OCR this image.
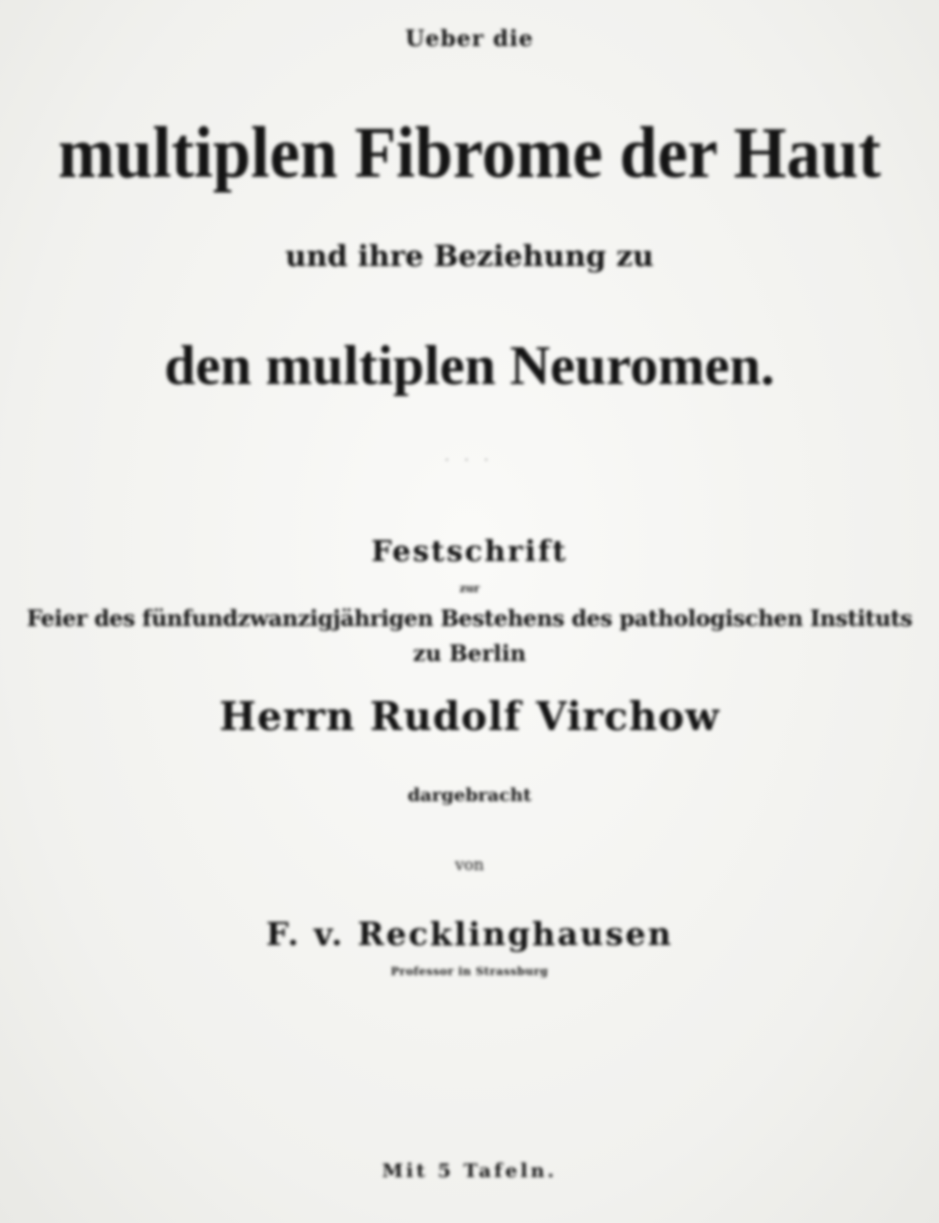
Ueber die
multiplen Fibrome der Haut
und ihre Beziehung zu
den multiplen Neuromen.
· · ·
Festschrift
zur
Feier des fünfundzwanzigjährigen Bestehens des pathologischen Instituts
zu Berlin
Herrn Rudolf Virchow
dargebracht
von
F. v. Recklinghausen
Professor in Strassburg
Mit 5 Tafeln.
